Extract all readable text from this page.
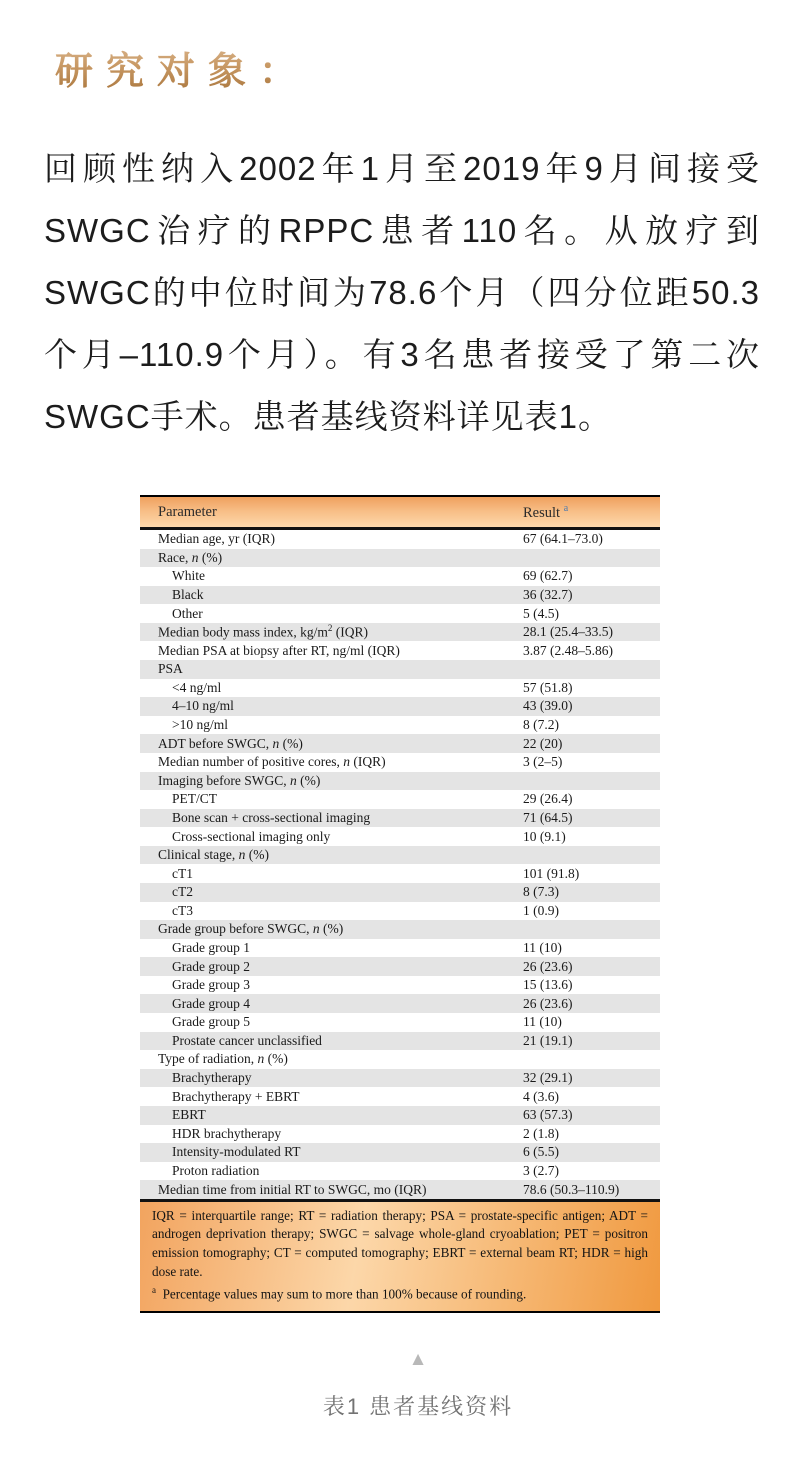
研究对象：
回顾性纳入2002年1月至2019年9月间接受
SWGC治疗的RPPC患者110名。从放疗到
SWGC的中位时间为78.6个月（四分位距50.3
个月–110.9个月）。有3名患者接受了第二次
SWGC手术。患者基线资料详见表1。
Parameter	Result $^a$
Median age, yr (IQR)	67 (64.1–73.0)
Race, n (%)
White	69 (62.7)
Black	36 (32.7)
Other	5 (4.5)
Median body mass index, $kg/m^2$ (IQR)	28.1 (25.4–33.5)
Median PSA at biopsy after RT, ng/ml (IQR)	3.87 (2.48–5.86)
PSA
<4 ng/ml	57 (51.8)
4–10 ng/ml	43 (39.0)
>10 ng/ml	8 (7.2)
ADT before SWGC, n (%)	22 (20)
Median number of positive cores, n (IQR)	3 (2–5)
Imaging before SWGC, n (%)
PET/CT	29 (26.4)
Bone scan + cross-sectional imaging	71 (64.5)
Cross-sectional imaging only	10 (9.1)
Clinical stage, n (%)
cT1	101 (91.8)
cT2	8 (7.3)
cT3	1 (0.9)
Grade group before SWGC, n (%)
Grade group 1	11 (10)
Grade group 2	26 (23.6)
Grade group 3	15 (13.6)
Grade group 4	26 (23.6)
Grade group 5	11 (10)
Prostate cancer unclassified	21 (19.1)
Type of radiation, n (%)
Brachytherapy	32 (29.1)
Brachytherapy + EBRT	4 (3.6)
EBRT	63 (57.3)
HDR brachytherapy	2 (1.8)
Intensity-modulated RT	6 (5.5)
Proton radiation	3 (2.7)
Median time from initial RT to SWGC, mo (IQR)	78.6 (50.3–110.9)
IQR = interquartile range; RT = radiation therapy; PSA = prostate-specific antigen; ADT = androgen deprivation therapy; SWGC = salvage whole-gland cryoablation; PET = positron emission tomography; CT = computed tomography; EBRT = external beam RT; HDR = high dose rate.
$^a$  Percentage values may sum to more than 100% because of rounding.
▲
表1 患者基线资料
